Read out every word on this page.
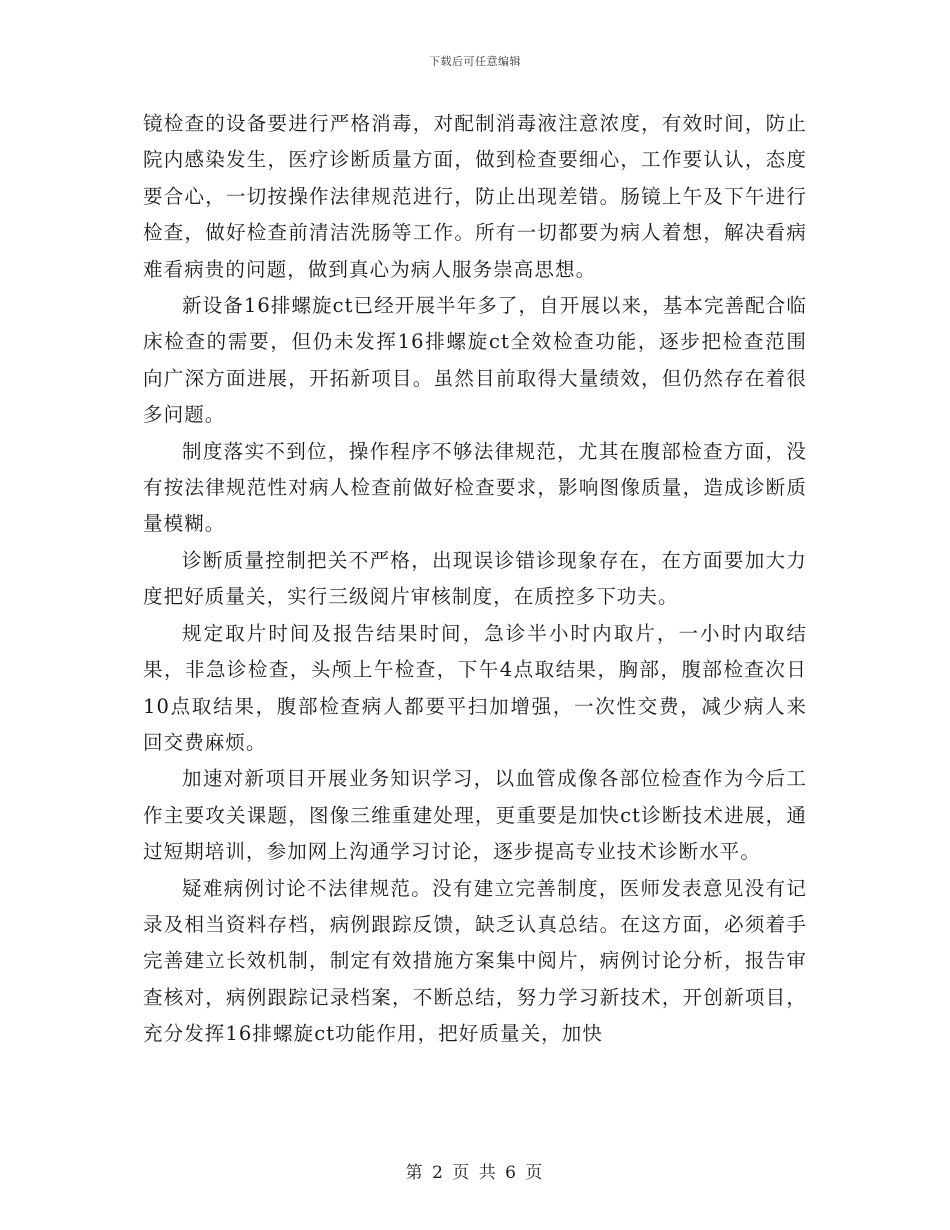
下载后可任意编辑

镜检查的设备要进行严格消毒，对配制消毒液注意浓度，有效时间，防止院内感染发生，医疗诊断质量方面，做到检查要细心，工作要认认，态度要合心，一切按操作法律规范进行，防止出现差错。肠镜上午及下午进行检查，做好检查前清洁洗肠等工作。所有一切都要为病人着想，解决看病难看病贵的问题，做到真心为病人服务崇高思想。

新设备16排螺旋ct已经开展半年多了，自开展以来，基本完善配合临床检查的需要，但仍未发挥16排螺旋ct全效检查功能，逐步把检查范围向广深方面进展，开拓新项目。虽然目前取得大量绩效，但仍然存在着很多问题。

制度落实不到位，操作程序不够法律规范，尤其在腹部检查方面，没有按法律规范性对病人检查前做好检查要求，影响图像质量，造成诊断质量模糊。

诊断质量控制把关不严格，出现误诊错诊现象存在，在方面要加大力度把好质量关，实行三级阅片审核制度，在质控多下功夫。

规定取片时间及报告结果时间，急诊半小时内取片，一小时内取结果，非急诊检查，头颅上午检查，下午4点取结果，胸部，腹部检查次日10点取结果，腹部检查病人都要平扫加增强，一次性交费，减少病人来回交费麻烦。

加速对新项目开展业务知识学习，以血管成像各部位检查作为今后工作主要攻关课题，图像三维重建处理，更重要是加快ct诊断技术进展，通过短期培训，参加网上沟通学习讨论，逐步提高专业技术诊断水平。

疑难病例讨论不法律规范。没有建立完善制度，医师发表意见没有记录及相当资料存档，病例跟踪反馈，缺乏认真总结。在这方面，必须着手完善建立长效机制，制定有效措施方案集中阅片，病例讨论分析，报告审查核对，病例跟踪记录档案，不断总结，努力学习新技术，开创新项目，充分发挥16排螺旋ct功能作用，把好质量关，加快

第 2 页 共 6 页
